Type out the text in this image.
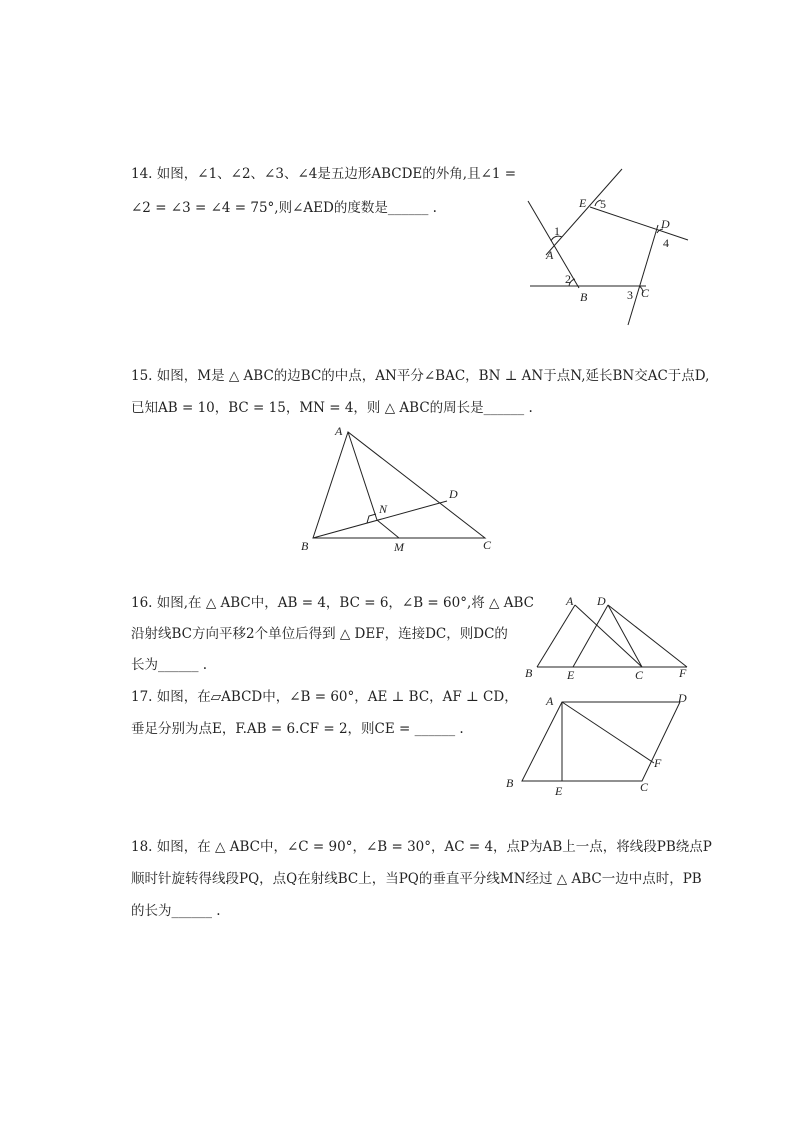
14. 如图，∠1、∠2、∠3、∠4是五边形ABCDE的外角,且∠1 =
∠2 = ∠3 = ∠4 = 75°,则∠AED的度数是______ .
A
B	C
D
E
1
2
3
4
5
15. 如图，M是 △ ABC的边BC的中点，AN平分∠BAC，BN ⊥ AN于点N,延长BN交AC于点D,
已知AB = 10，BC = 15，MN = 4，则 △ ABC的周长是______ .
A
B	C
D
N
M
16. 如图,在 △ ABC中，AB = 4，BC = 6，∠B = 60°,将 △ ABC
沿射线BC方向平移2个单位后得到 △ DEF，连接DC，则DC的
长为______ .
A
B	C
D
E	F
17. 如图，在▱ABCD中，∠B = 60°，AE ⊥ BC，AF ⊥ CD，
垂足分别为点E，F.AB = 6.CF = 2，则CE = ______ .
A
B	C
D
E
F
18. 如图，在 △ ABC中，∠C = 90°，∠B = 30°，AC = 4，点P为AB上一点，将线段PB绕点P
顺时针旋转得线段PQ，点Q在射线BC上，当PQ的垂直平分线MN经过 △ ABC一边中点时，PB
的长为______ .
